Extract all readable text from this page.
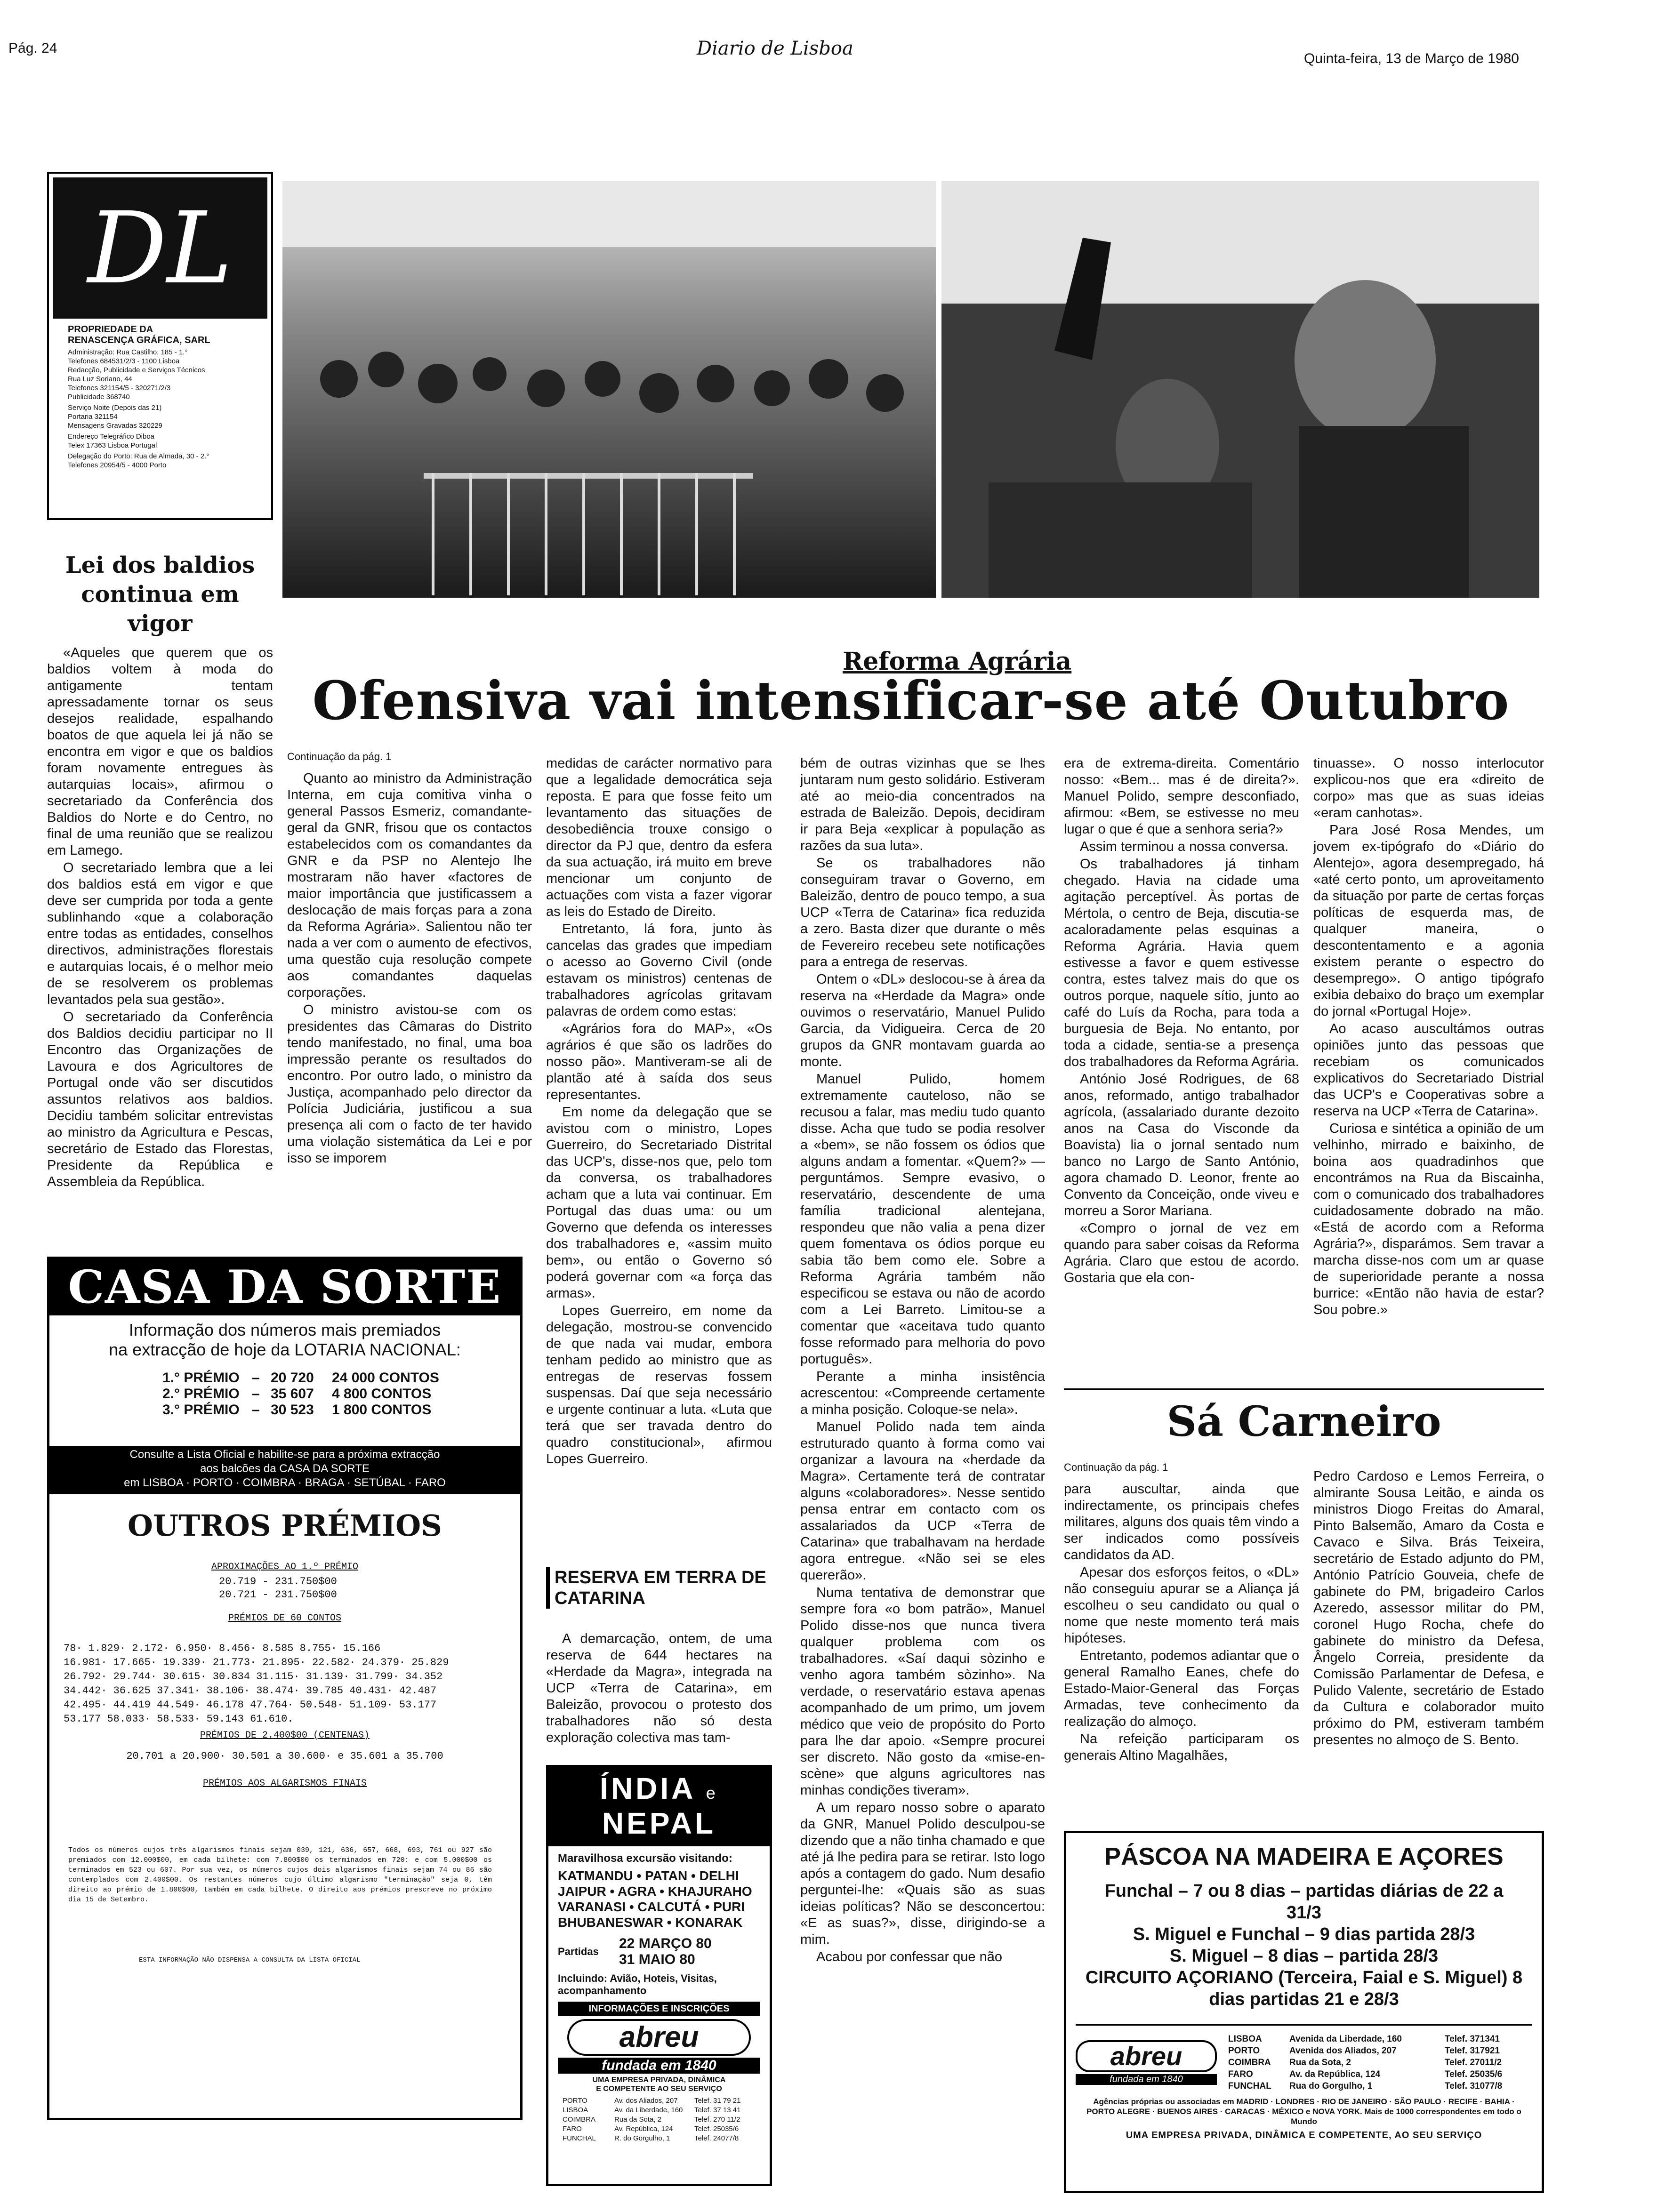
Pág. 24	Diario de Lisboa	Quinta-feira, 13 de Março de 1980
DL
PROPRIEDADE DA
RENASCENÇA GRÁFICA, SARL
Administração: Rua Castilho, 185 - 1.°
Telefones 684531/2/3 - 1100 Lisboa
Redacção, Publicidade e Serviços Técnicos
Rua Luz Soriano, 44
Telefones 321154/5 - 320271/2/3
Publicidade 368740
Serviço Noite (Depois das 21)
Portaria 321154
Mensagens Gravadas 320229
Endereço Telegráfico Diboa
Telex 17363 Lisboa Portugal
Delegação do Porto: Rua de Almada, 30 - 2.°
Telefones 20954/5 - 4000 Porto
Lei dos baldios
continua em vigor

«Aqueles que querem que os baldios voltem à moda do antigamente tentam apressadamente tornar os seus desejos realidade, espalhando boatos de que aquela lei já não se encontra em vigor e que os baldios foram novamente entregues às autarquias locais», afirmou o secretariado da Conferência dos Baldios do Norte e do Centro, no final de uma reunião que se realizou em Lamego.

O secretariado lembra que a lei dos baldios está em vigor e que deve ser cumprida por toda a gente sublinhando «que a colaboração entre todas as entidades, conselhos directivos, administrações florestais e autarquias locais, é o melhor meio de se resolverem os problemas levantados pela sua gestão».

O secretariado da Conferência dos Baldios decidiu participar no II Encontro das Organizações de Lavoura e dos Agricultores de Portugal onde vão ser discutidos assuntos relativos aos baldios. Decidiu também solicitar entrevistas ao ministro da Agricultura e Pescas, secretário de Estado das Florestas, Presidente da República e Assembleia da República.

Reforma Agrária
Ofensiva vai intensificar-se até Outubro
Continuação da pág. 1

Quanto ao ministro da Administração Interna, em cuja comitiva vinha o general Passos Esmeriz, comandante-geral da GNR, frisou que os contactos estabelecidos com os comandantes da GNR e da PSP no Alentejo lhe mostraram não haver «factores de maior importância que justificassem a deslocação de mais forças para a zona da Reforma Agrária». Salientou não ter nada a ver com o aumento de efectivos, uma questão cuja resolução compete aos comandantes daquelas corporações.

O ministro avistou-se com os presidentes das Câmaras do Distrito tendo manifestado, no final, uma boa impressão perante os resultados do encontro. Por outro lado, o ministro da Justiça, acompanhado pelo director da Polícia Judiciária, justificou a sua presença ali com o facto de ter havido uma violação sistemática da Lei e por isso se imporem

medidas de carácter normativo para que a legalidade democrática seja reposta. E para que fosse feito um levantamento das situações de desobediência trouxe consigo o director da PJ que, dentro da esfera da sua actuação, irá muito em breve mencionar um conjunto de actuações com vista a fazer vigorar as leis do Estado de Direito.

Entretanto, lá fora, junto às cancelas das grades que impediam o acesso ao Governo Civil (onde estavam os ministros) centenas de trabalhadores agrícolas gritavam palavras de ordem como estas:

«Agrários fora do MAP», «Os agrários é que são os ladrões do nosso pão». Mantiveram-se ali de plantão até à saída dos seus representantes.

Em nome da delegação que se avistou com o ministro, Lopes Guerreiro, do Secretariado Distrital das UCP's, disse-nos que, pelo tom da conversa, os trabalhadores acham que a luta vai continuar. Em Portugal das duas uma: ou um Governo que defenda os interesses dos trabalhadores e, «assim muito bem», ou então o Governo só poderá governar com «a força das armas».

Lopes Guerreiro, em nome da delegação, mostrou-se convencido de que nada vai mudar, embora tenham pedido ao ministro que as entregas de reservas fossem suspensas. Daí que seja necessário e urgente continuar a luta. «Luta que terá que ser travada dentro do quadro constitucional», afirmou Lopes Guerreiro.

RESERVA EM TERRA DE CATARINA

A demarcação, ontem, de uma reserva de 644 hectares na «Herdade da Magra», integrada na UCP «Terra de Catarina», em Baleizão, provocou o protesto dos trabalhadores não só desta exploração colectiva mas tam-

ÍNDIA e
NEPAL
Maravilhosa excursão visitando:
KATMANDU • PATAN • DELHI
JAIPUR • AGRA • KHAJURAHO
VARANASI • CALCUTÁ • PURI
BHUBANESWAR • KONARAK
Partidas
22 MARÇO 80
31 MAIO 80
Incluindo: Avião, Hoteis, Visitas, acompanhamento
INFORMAÇÕES E INSCRIÇÕES
abreu
fundada em 1840
UMA EMPRESA PRIVADA, DINÂMICA
E COMPETENTE AO SEU SERVIÇO
PORTO	Av. dos Aliados, 207	Telef. 31 79 21
LISBOA	Av. da Liberdade, 160	Telef. 37 13 41
COIMBRA	Rua da Sota, 2	Telef. 270 11/2
FARO	Av. República, 124	Telef. 25035/6
FUNCHAL	R. do Gorgulho, 1	Telef. 24077/8

bém de outras vizinhas que se lhes juntaram num gesto solidário. Estiveram até ao meio-dia concentrados na estrada de Baleizão. Depois, decidiram ir para Beja «explicar à população as razões da sua luta».

Se os trabalhadores não conseguiram travar o Governo, em Baleizão, dentro de pouco tempo, a sua UCP «Terra de Catarina» fica reduzida a zero. Basta dizer que durante o mês de Fevereiro recebeu sete notificações para a entrega de reservas.

Ontem o «DL» deslocou-se à área da reserva na «Herdade da Magra» onde ouvimos o reservatário, Manuel Pulido Garcia, da Vidigueira. Cerca de 20 grupos da GNR montavam guarda ao monte.

Manuel Pulido, homem extremamente cauteloso, não se recusou a falar, mas mediu tudo quanto disse. Acha que tudo se podia resolver a «bem», se não fossem os ódios que alguns andam a fomentar. «Quem?» — perguntámos. Sempre evasivo, o reservatário, descendente de uma família tradicional alentejana, respondeu que não valia a pena dizer quem fomentava os ódios porque eu sabia tão bem como ele. Sobre a Reforma Agrária também não especificou se estava ou não de acordo com a Lei Barreto. Limitou-se a comentar que «aceitava tudo quanto fosse reformado para melhoria do povo português».

Perante a minha insistência acrescentou: «Compreende certamente a minha posição. Coloque-se nela».

Manuel Polido nada tem ainda estruturado quanto à forma como vai organizar a lavoura na «herdade da Magra». Certamente terá de contratar alguns «colaboradores». Nesse sentido pensa entrar em contacto com os assalariados da UCP «Terra de Catarina» que trabalhavam na herdade agora entregue. «Não sei se eles quererão».

Numa tentativa de demonstrar que sempre fora «o bom patrão», Manuel Polido disse-nos que nunca tivera qualquer problema com os trabalhadores. «Saí daqui sòzinho e venho agora também sòzinho». Na verdade, o reservatário estava apenas acompanhado de um primo, um jovem médico que veio de propósito do Porto para lhe dar apoio. «Sempre procurei ser discreto. Não gosto da «mise-en-scène» que alguns agricultores nas minhas condições tiveram».

A um reparo nosso sobre o aparato da GNR, Manuel Polido desculpou-se dizendo que a não tinha chamado e que até já lhe pedira para se retirar. Isto logo após a contagem do gado. Num desafio perguntei-lhe: «Quais são as suas ideias políticas? Não se desconcertou: «E as suas?», disse, dirigindo-se a mim.

Acabou por confessar que não

era de extrema-direita. Comentário nosso: «Bem... mas é de direita?». Manuel Polido, sempre desconfiado, afirmou: «Bem, se estivesse no meu lugar o que é que a senhora seria?»

Assim terminou a nossa conversa.

Os trabalhadores já tinham chegado. Havia na cidade uma agitação perceptível. Às portas de Mértola, o centro de Beja, discutia-se acaloradamente pelas esquinas a Reforma Agrária. Havia quem estivesse a favor e quem estivesse contra, estes talvez mais do que os outros porque, naquele sítio, junto ao café do Luís da Rocha, para toda a burguesia de Beja. No entanto, por toda a cidade, sentia-se a presença dos trabalhadores da Reforma Agrária.

António José Rodrigues, de 68 anos, reformado, antigo trabalhador agrícola, (assalariado durante dezoito anos na Casa do Visconde da Boavista) lia o jornal sentado num banco no Largo de Santo António, agora chamado D. Leonor, frente ao Convento da Conceição, onde viveu e morreu a Soror Mariana.

«Compro o jornal de vez em quando para saber coisas da Reforma Agrária. Claro que estou de acordo. Gostaria que ela con-

tinuasse». O nosso interlocutor explicou-nos que era «direito de corpo» mas que as suas ideias «eram canhotas».

Para José Rosa Mendes, um jovem ex-tipógrafo do «Diário do Alentejo», agora desempregado, há «até certo ponto, um aproveitamento da situação por parte de certas forças políticas de esquerda mas, de qualquer maneira, o descontentamento e a agonia existem perante o espectro do desemprego». O antigo tipógrafo exibia debaixo do braço um exemplar do jornal «Portugal Hoje».

Ao acaso auscultámos outras opiniões junto das pessoas que recebiam os comunicados explicativos do Secretariado Distrial das UCP's e Cooperativas sobre a reserva na UCP «Terra de Catarina».

Curiosa e sintética a opinião de um velhinho, mirrado e baixinho, de boina aos quadradinhos que encontrámos na Rua da Biscainha, com o comunicado dos trabalhadores cuidadosamente dobrado na mão. «Está de acordo com a Reforma Agrária?», disparámos. Sem travar a marcha disse-nos com um ar quase de superioridade perante a nossa burrice: «Então não havia de estar? Sou pobre.»

Sá Carneiro
Continuação da pág. 1

para auscultar, ainda que indirectamente, os principais chefes militares, alguns dos quais têm vindo a ser indicados como possíveis candidatos da AD.

Apesar dos esforços feitos, o «DL» não conseguiu apurar se a Aliança já escolheu o seu candidato ou qual o nome que neste momento terá mais hipóteses.

Entretanto, podemos adiantar que o general Ramalho Eanes, chefe do Estado-Maior-General das Forças Armadas, teve conhecimento da realização do almoço.

Na refeição participaram os generais Altino Magalhães,

Pedro Cardoso e Lemos Ferreira, o almirante Sousa Leitão, e ainda os ministros Diogo Freitas do Amaral, Pinto Balsemão, Amaro da Costa e Cavaco e Silva. Brás Teixeira, secretário de Estado adjunto do PM, António Patrício Gouveia, chefe de gabinete do PM, brigadeiro Carlos Azeredo, assessor militar do PM, coronel Hugo Rocha, chefe do gabinete do ministro da Defesa, Ângelo Correia, presidente da Comissão Parlamentar de Defesa, e Pulido Valente, secretário de Estado da Cultura e colaborador muito próximo do PM, estiveram também presentes no almoço de S. Bento.

PÁSCOA NA MADEIRA E AÇORES
Funchal – 7 ou 8 dias – partidas diárias de 22 a 31/3
S. Miguel e Funchal – 9 dias partida 28/3
S. Miguel – 8 dias – partida 28/3
CIRCUITO AÇORIANO (Terceira, Faial e S. Miguel) 8 dias partidas 21 e 28/3
abreu
fundada em 1840
LISBOA	Avenida da Liberdade, 160	Telef. 371341
PORTO	Avenida dos Aliados, 207	Telef. 317921
COIMBRA	Rua da Sota, 2	Telef. 27011/2
FARO	Av. da República, 124	Telef. 25035/6
FUNCHAL	Rua do Gorgulho, 1	Telef. 31077/8
Agências próprias ou associadas em MADRID · LONDRES · RIO DE JANEIRO · SÃO PAULO · RECIFE · BAHIA · PORTO ALEGRE · BUENOS AIRES · CARACAS · MÉXICO e NOVA YORK. Mais de 1000 correspondentes em todo o Mundo
UMA EMPRESA PRIVADA, DINÂMICA E COMPETENTE, AO SEU SERVIÇO
CASA DA SORTE
Informação dos números mais premiados
na extracção de hoje da LOTARIA NACIONAL:
1.° PRÉMIO – 20 720	24 000 CONTOS
2.° PRÉMIO – 35 607	4 800 CONTOS
3.° PRÉMIO – 30 523	1 800 CONTOS
Consulte a Lista Oficial e habilite-se para a próxima extracção
aos balcões da CASA DA SORTE
em LISBOA · PORTO · COIMBRA · BRAGA · SETÚBAL · FARO
OUTROS PRÉMIOS
APROXIMAÇÕES AO 1.º PRÉMIO
20.719 - 231.750$00
20.721 - 231.750$00
PRÉMIOS DE 60 CONTOS
78· 1.829· 2.172· 6.950· 8.456· 8.585 8.755· 15.166
16.981· 17.665· 19.339· 21.773· 21.895· 22.582· 24.379· 25.829
26.792· 29.744· 30.615· 30.834 31.115· 31.139· 31.799· 34.352
34.442· 36.625 37.341· 38.106· 38.474· 39.785 40.431· 42.487
42.495· 44.419 44.549· 46.178 47.764· 50.548· 51.109· 53.177
53.177 58.033· 58.533· 59.143 61.610.
PRÉMIOS DE 2.400$00 (CENTENAS)
20.701 a 20.900· 30.501 a 30.600· e 35.601 a 35.700
PRÉMIOS AOS ALGARISMOS FINAIS
Todos os números cujos três algarismos finais sejam 039, 121, 636, 657, 668, 693, 761 ou 927 são premiados com 12.000$00, em cada bilhete: com 7.800$00 os terminados em 720: e com 5.000$00 os terminados em 523 ou 607. Por sua vez, os números cujos dois algarismos finais sejam 74 ou 86 são contemplados com 2.400$00. Os restantes números cujo último algarismo "terminação" seja 0, têm direito ao prémio de 1.800$00, também em cada bilhete. O direito aos prémios prescreve no próximo dia 15 de Setembro.
ESTA INFORMAÇÃO NÃO DISPENSA A CONSULTA DA LISTA OFICIAL
